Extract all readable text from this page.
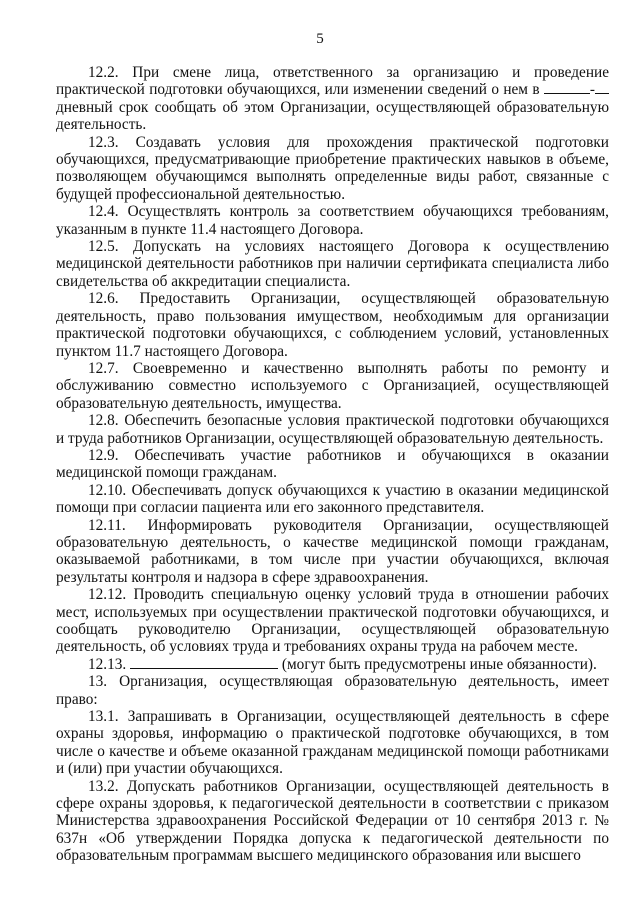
5

12.2. При смене лица, ответственного за организацию и проведение практической подготовки обучающихся, или изменении сведений о нем в	-дневный срок сообщать об этом Организации, осуществляющей образовательную деятельность.

12.3. Создавать условия для прохождения практической подготовки обучающихся, предусматривающие приобретение практических навыков в объеме, позволяющем обучающимся выполнять определенные виды работ, связанные с будущей профессиональной деятельностью.

12.4. Осуществлять контроль за соответствием обучающихся требованиям, указанным в пункте 11.4 настоящего Договора.

12.5. Допускать на условиях настоящего Договора к осуществлению медицинской деятельности работников при наличии сертификата специалиста либо свидетельства об аккредитации специалиста.

12.6. Предоставить Организации, осуществляющей образовательную деятельность, право пользования имуществом, необходимым для организации практической подготовки обучающихся, с соблюдением условий, установленных пунктом 11.7 настоящего Договора.

12.7. Своевременно и качественно выполнять работы по ремонту и обслуживанию совместно используемого с Организацией, осуществляющей образовательную деятельность, имущества.

12.8. Обеспечить безопасные условия практической подготовки обучающихся и труда работников Организации, осуществляющей образовательную деятельность.

12.9. Обеспечивать участие работников и обучающихся в оказании медицинской помощи гражданам.

12.10. Обеспечивать допуск обучающихся к участию в оказании медицинской помощи при согласии пациента или его законного представителя.

12.11. Информировать руководителя Организации, осуществляющей образовательную деятельность, о качестве медицинской помощи гражданам, оказываемой работниками, в том числе при участии обучающихся, включая результаты контроля и надзора в сфере здравоохранения.

12.12. Проводить специальную оценку условий труда в отношении рабочих мест, используемых при осуществлении практической подготовки обучающихся, и сообщать руководителю Организации, осуществляющей образовательную деятельность, об условиях труда и требованиях охраны труда на рабочем месте.

12.13.	(могут быть предусмотрены иные обязанности).

13. Организация, осуществляющая образовательную деятельность, имеет право:

13.1. Запрашивать в Организации, осуществляющей деятельность в сфере охраны здоровья, информацию о практической подготовке обучающихся, в том числе о качестве и объеме оказанной гражданам медицинской помощи работниками и (или) при участии обучающихся.

13.2. Допускать работников Организации, осуществляющей деятельность в сфере охраны здоровья, к педагогической деятельности в соответствии с приказом Министерства здравоохранения Российской Федерации от 10 сентября 2013 г. № 637н «Об утверждении Порядка допуска к педагогической деятельности по образовательным программам высшего медицинского образования или высшего
